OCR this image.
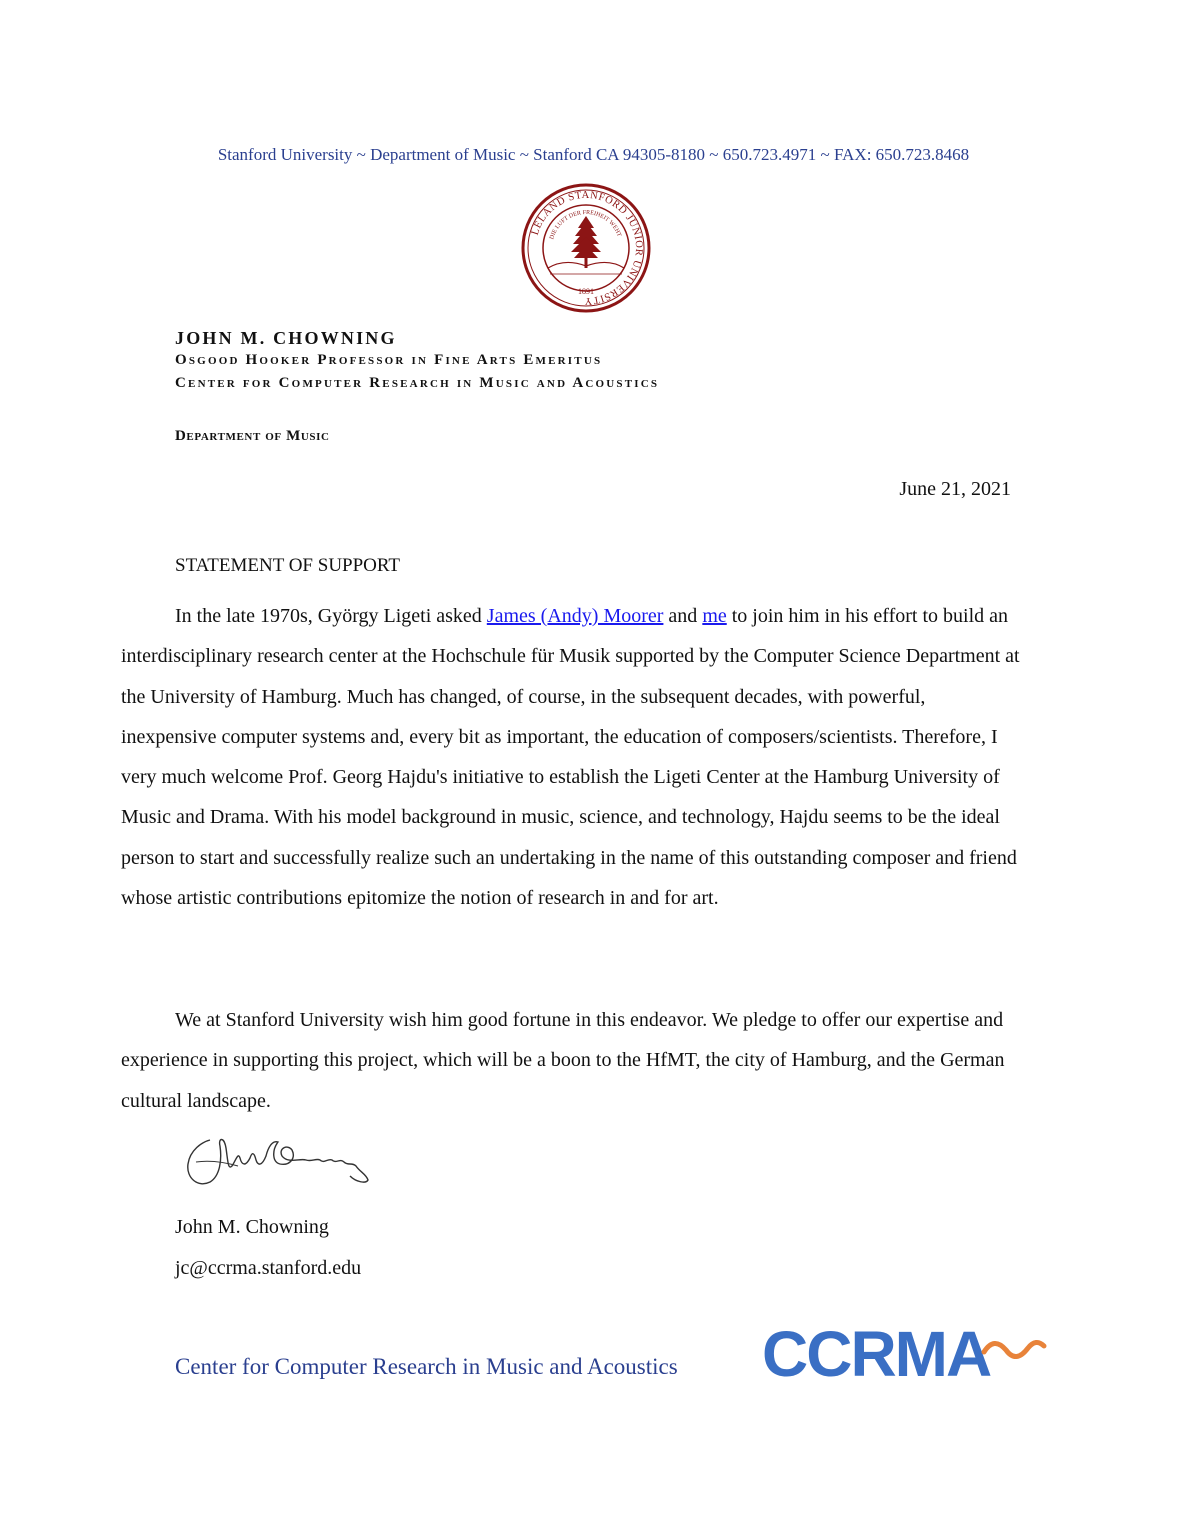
Stanford University ~ Department of Music ~ Stanford CA 94305-8180 ~ 650.723.4971 ~ FAX: 650.723.8468
LELAND STANFORD JUNIOR UNIVERSITY
DIE LUFT DER FREIHEIT WEHT
1891
JOHN M. CHOWNING
Osgood Hooker Professor in Fine Arts Emeritus
Center for Computer Research in Music and Acoustics
Department of Music
June 21, 2021
STATEMENT OF SUPPORT

In the late 1970s, György Ligeti asked James (Andy) Moorer and me to join him in his effort to build an interdisciplinary research center at the Hochschule für Musik supported by the Computer Science Department at the University of Hamburg. Much has changed, of course, in the subsequent decades, with powerful, inexpensive computer systems and, every bit as important, the education of composers/scientists. Therefore, I very much welcome Prof. Georg Hajdu's initiative to establish the Ligeti Center at the Hamburg University of Music and Drama. With his model background in music, science, and technology, Hajdu seems to be the ideal person to start and successfully realize such an undertaking in the name of this outstanding composer and friend whose artistic contributions epitomize the notion of research in and for art.

We at Stanford University wish him good fortune in this endeavor. We pledge to offer our expertise and experience in supporting this project, which will be a boon to the HfMT, the city of Hamburg, and the German cultural landscape.

John M. Chowning
jc@ccrma.stanford.edu
Center for Computer Research in Music and Acoustics CCRMA
